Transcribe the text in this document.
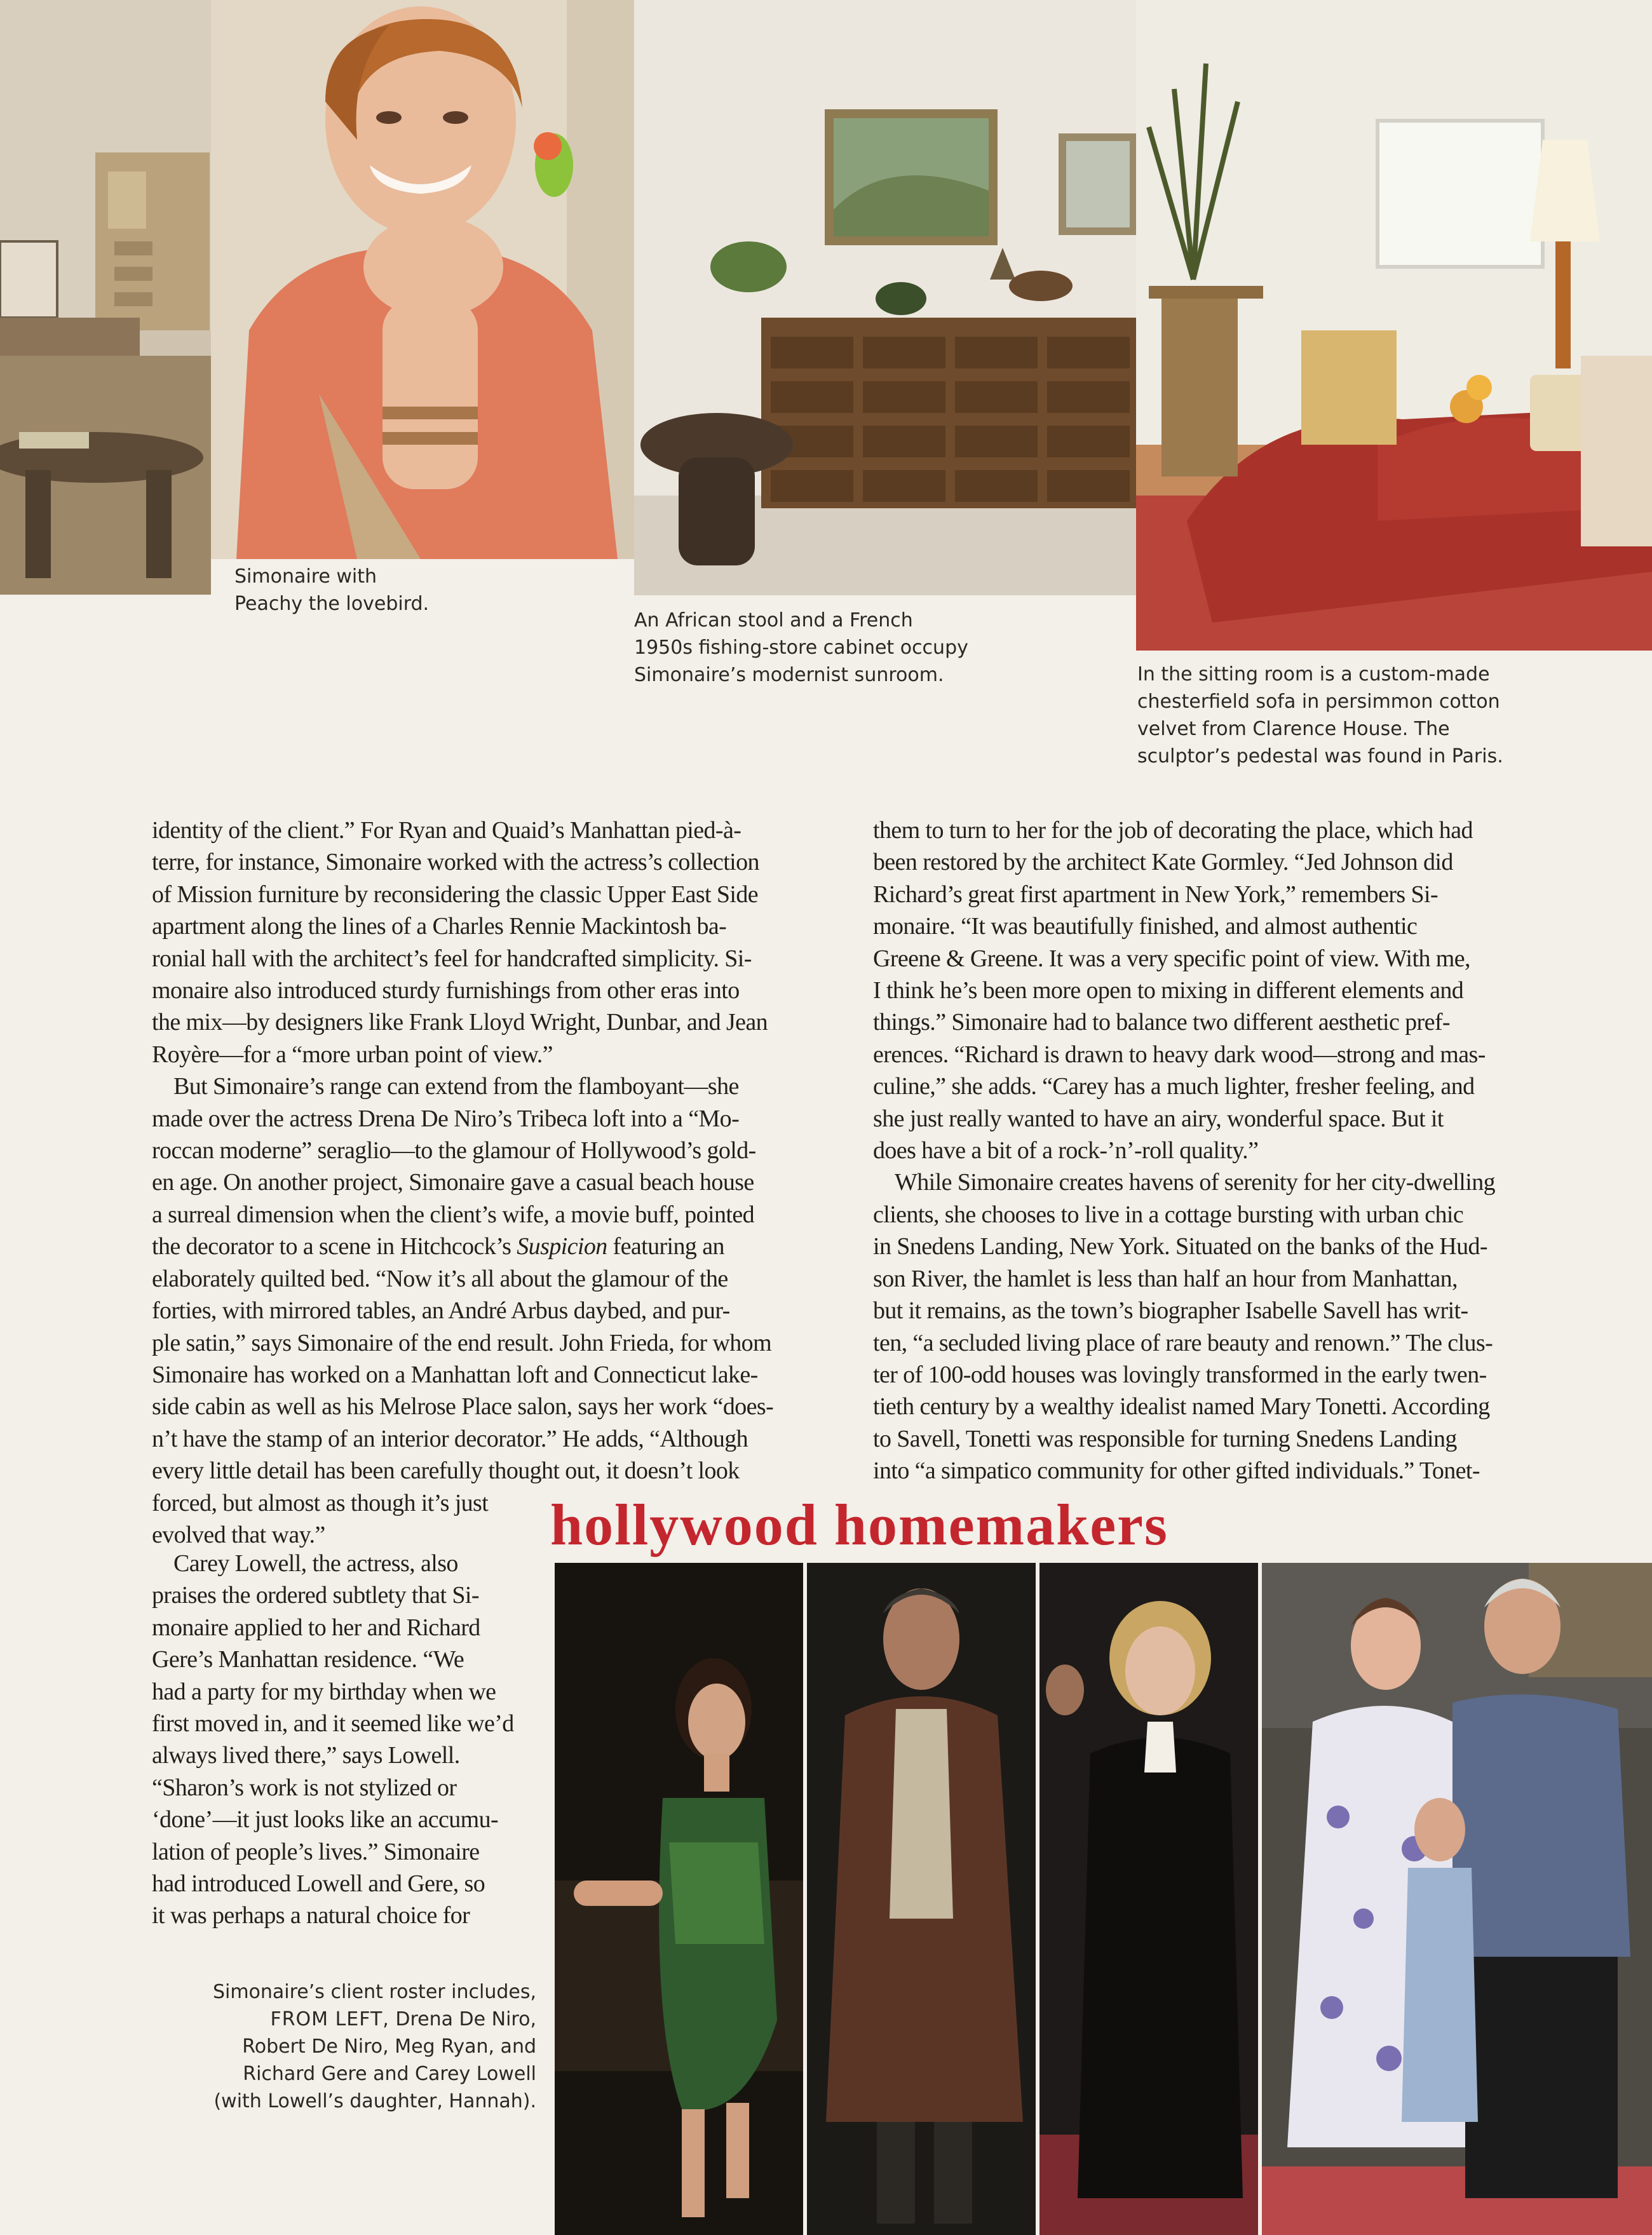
Simonaire with
Peachy the lovebird.

An African stool and a French
1950s fishing-store cabinet occupy
Simonaire’s modernist sunroom.	In the sitting room is a custom-made
chesterfield sofa in persimmon cotton
velvet from Clarence House. The
sculptor’s pedestal was found in Paris.

identity of the client.” For Ryan and Quaid’s Manhattan pied-à-
terre, for instance, Simonaire worked with the actress’s collection
of Mission furniture by reconsidering the classic Upper East Side
apartment along the lines of a Charles Rennie Mackintosh ba-
ronial hall with the architect’s feel for handcrafted simplicity. Si-
monaire also introduced sturdy furnishings from other eras into
the mix—by designers like Frank Lloyd Wright, Dunbar, and Jean
Royère—for a “more urban point of view.”
But Simonaire’s range can extend from the flamboyant—she
made over the actress Drena De Niro’s Tribeca loft into a “Mo-
roccan moderne” seraglio—to the glamour of Hollywood’s gold-
en age. On another project, Simonaire gave a casual beach house
a surreal dimension when the client’s wife, a movie buff, pointed
the decorator to a scene in Hitchcock’s Suspicion featuring an
elaborately quilted bed. “Now it’s all about the glamour of the
forties, with mirrored tables, an André Arbus daybed, and pur-
ple satin,” says Simonaire of the end result. John Frieda, for whom
Simonaire has worked on a Manhattan loft and Connecticut lake-
side cabin as well as his Melrose Place salon, says her work “does-
n’t have the stamp of an interior decorator.” He adds, “Although
every little detail has been carefully thought out, it doesn’t look
forced, but almost as though it’s just
evolved that way.”
Carey Lowell, the actress, also
praises the ordered subtlety that Si-
monaire applied to her and Richard
Gere’s Manhattan residence. “We
had a party for my birthday when we
first moved in, and it seemed like we’d
always lived there,” says Lowell.
“Sharon’s work is not stylized or
‘done’—it just looks like an accumu-
lation of people’s lives.” Simonaire
had introduced Lowell and Gere, so
it was perhaps a natural choice for
them to turn to her for the job of decorating the place, which had
been restored by the architect Kate Gormley. “Jed Johnson did
Richard’s great first apartment in New York,” remembers Si-
monaire. “It was beautifully finished, and almost authentic
Greene & Greene. It was a very specific point of view. With me,
I think he’s been more open to mixing in different elements and
things.” Simonaire had to balance two different aesthetic pref-
erences. “Richard is drawn to heavy dark wood—strong and mas-
culine,” she adds. “Carey has a much lighter, fresher feeling, and
she just really wanted to have an airy, wonderful space. But it
does have a bit of a rock-’n’-roll quality.”
While Simonaire creates havens of serenity for her city-dwelling
clients, she chooses to live in a cottage bursting with urban chic
in Snedens Landing, New York. Situated on the banks of the Hud-
son River, the hamlet is less than half an hour from Manhattan,
but it remains, as the town’s biographer Isabelle Savell has writ-
ten, “a secluded living place of rare beauty and renown.” The clus-
ter of 100-odd houses was lovingly transformed in the early twen-
tieth century by a wealthy idealist named Mary Tonetti. According
to Savell, Tonetti was responsible for turning Snedens Landing
into “a simpatico community for other gifted individuals.” Tonet-
hollywood homemakers

Simonaire’s client roster includes,
FROM LEFT, Drena De Niro,
Robert De Niro, Meg Ryan, and
Richard Gere and Carey Lowell
(with Lowell’s daughter, Hannah).
